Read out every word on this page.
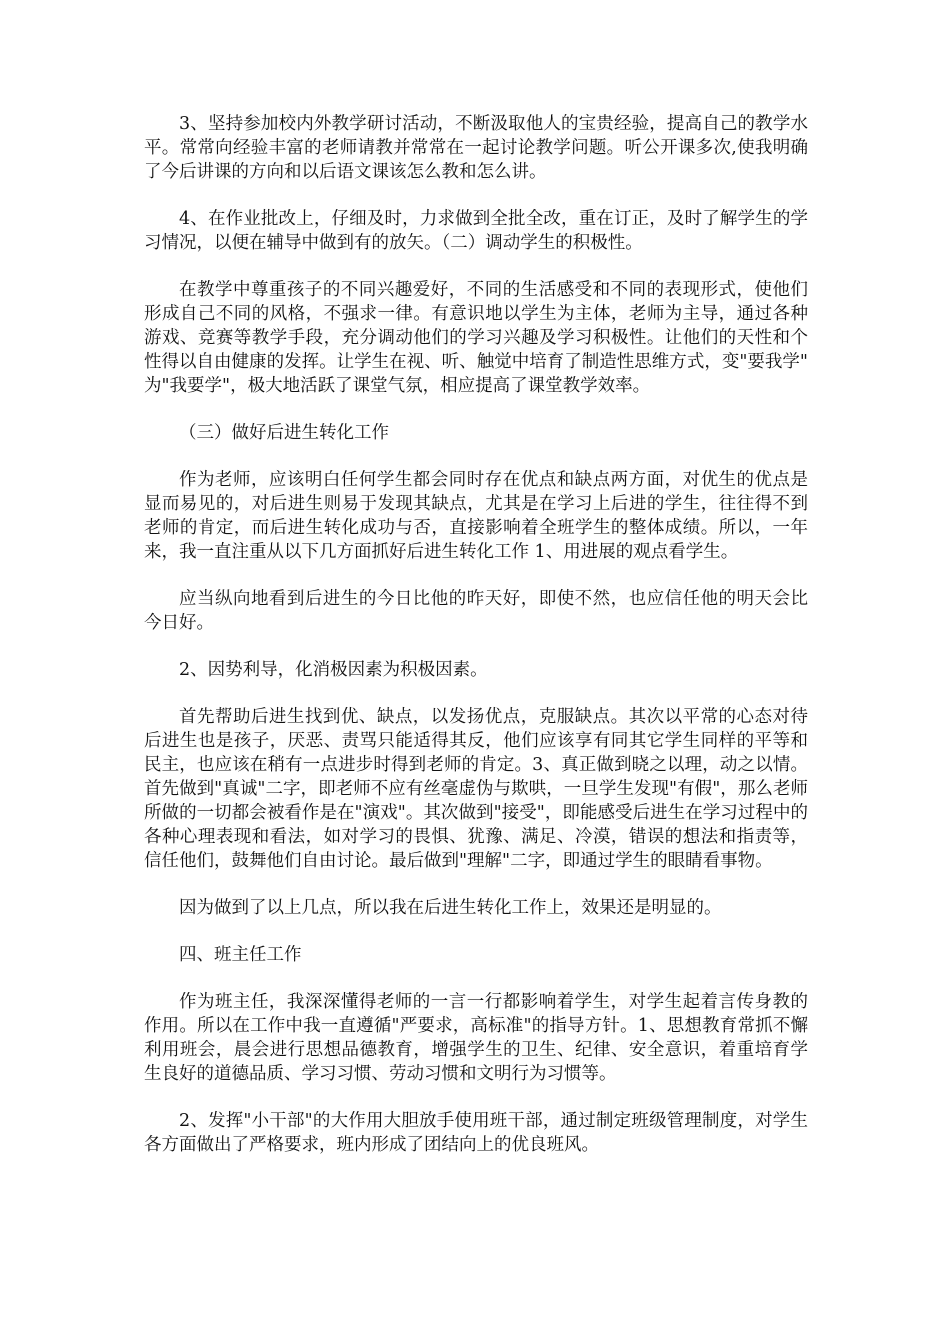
3、坚持参加校内外教学研讨活动，不断汲取他人的宝贵经验，提高自己的教学水平。常常向经验丰富的老师请教并常常在一起讨论教学问题。听公开课多次,使我明确了今后讲课的方向和以后语文课该怎么教和怎么讲。

4、在作业批改上，仔细及时，力求做到全批全改，重在订正，及时了解学生的学习情况，以便在辅导中做到有的放矢。（二）调动学生的积极性。

在教学中尊重孩子的不同兴趣爱好，不同的生活感受和不同的表现形式，使他们形成自己不同的风格，不强求一律。有意识地以学生为主体，老师为主导，通过各种游戏、竞赛等教学手段，充分调动他们的学习兴趣及学习积极性。让他们的天性和个性得以自由健康的发挥。让学生在视、听、触觉中培育了制造性思维方式，变"要我学"为"我要学"，极大地活跃了课堂气氛，相应提高了课堂教学效率。

（三）做好后进生转化工作

作为老师，应该明白任何学生都会同时存在优点和缺点两方面，对优生的优点是显而易见的，对后进生则易于发现其缺点，尤其是在学习上后进的学生，往往得不到老师的肯定，而后进生转化成功与否，直接影响着全班学生的整体成绩。所以，一年来，我一直注重从以下几方面抓好后进生转化工作 1、用进展的观点看学生。

应当纵向地看到后进生的今日比他的昨天好，即使不然，也应信任他的明天会比今日好。

2、因势利导，化消极因素为积极因素。

首先帮助后进生找到优、缺点，以发扬优点，克服缺点。其次以平常的心态对待后进生也是孩子，厌恶、责骂只能适得其反，他们应该享有同其它学生同样的平等和民主，也应该在稍有一点进步时得到老师的肯定。3、真正做到晓之以理，动之以情。首先做到"真诚"二字，即老师不应有丝毫虚伪与欺哄，一旦学生发现"有假"，那么老师所做的一切都会被看作是在"演戏"。其次做到"接受"，即能感受后进生在学习过程中的各种心理表现和看法，如对学习的畏惧、犹豫、满足、冷漠，错误的想法和指责等，信任他们，鼓舞他们自由讨论。最后做到"理解"二字，即通过学生的眼睛看事物。

因为做到了以上几点，所以我在后进生转化工作上，效果还是明显的。

四、班主任工作

作为班主任，我深深懂得老师的一言一行都影响着学生，对学生起着言传身教的作用。所以在工作中我一直遵循"严要求，高标准"的指导方针。1、思想教育常抓不懈利用班会，晨会进行思想品德教育，增强学生的卫生、纪律、安全意识，着重培育学生良好的道德品质、学习习惯、劳动习惯和文明行为习惯等。

2、发挥"小干部"的大作用大胆放手使用班干部，通过制定班级管理制度，对学生各方面做出了严格要求，班内形成了团结向上的优良班风。
